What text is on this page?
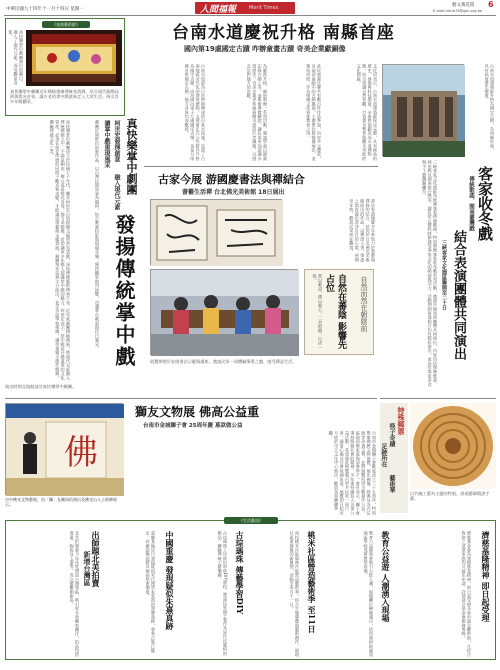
中華民國九十四年十一月十四日 星期一	人間福報	Merit Times	藝文萬花筒 6
E-mail:mtnb74@gsn.org.tw
《表演藝術群》
真快樂掌中劇團演出的劇目，融入了現代元素，深受觀眾喜愛。
真快樂掌中劇團近年積極推廣傳統布袋戲，結合現代劇場技術與燈光音效，讓古老的掌中戲重新走入大眾生活，吸引許多年輕觀眾。
真快樂掌中劇團成立於民國七十年代，團長柯世宏自幼跟隨父親學習布袋戲，深知傳統藝術傳承不易。近年來劇團積極創新，將現代元素融入傳統戲碼之中，不論是劇本、舞台或是燈光音效，都力求精緻，希望讓更多年輕人認識掌中戲的魅力。柯世宏表示，掌中戲是台灣重要的文化資產，必須在保存傳統的同時不斷求新求變，才能讓這項藝術永續發展。劇團每年巡迴全台演出，並至各級學校推廣，讓學童親手操作戲偶，體驗傳統文化之美。	劇團近期推出的新作品，以台灣民間故事為題材，結合動畫投影與現場音樂，獲得觀眾熱烈回響，也讓掌中戲重現往日風采。 真快樂掌中劇團
柯世宏發揮創意
融入現代元素
讓掌中戲重現風采
發揚傳統掌中戲
台南水道慶祝升格 南縣首座
國內第19處國定古蹟 咋辦童畫古蹟 奇美企業獻銅像
台南水道原為日治時期興建的自來水設施，見證了台南地區近代化的發展歷程。文建會正式公告將其升格為國定古蹟，成為國內第十九處國定古蹟，也是台南縣首座國定古蹟，地方各界均表歡欣。	為慶祝升格，縣府舉辦一系列活動，邀請學童以繪畫記錄古蹟之美，並舉辦導覽解說，讓民眾更加認識水道歷史。奇美企業更特地捐贈水道設計者銅像，以感念其對地方的貢獻。	此次童畫比賽共有數百件作品參加，內容多元豐富，呈現孩童眼中的古蹟風貌，主辦單位將擇優展出，並集結成冊，作為推廣文化資產教育之用。	文化局表示，台南水道建築群保存完整，具有極高的歷史、建築與科技價值，未來將規劃成為水道博物館，結合周邊自然景觀，打造兼具教育與觀光功能的文化園區。	台南水道建築群升格為國定古蹟，為南縣首座，具有高度歷史價值。
古家今展 游國慶書法與禪結合
書藝生活禪 台北佛光美術館 18日展出
書法家游國慶多年來致力於書藝與禪修的結合，此次於台北佛光美術館展出的作品，以禪語入書，筆墨之間流露出清淨自在的心境，展期至年底，歡迎民眾前往觀賞。
自然而然在朝陰前
自然在蕃陰 影響先占位
書以載道，禪以養心，二者相融，自成一格。
展覽期間另安排書法示範與講座，邀請民眾一同體驗筆墨之趣，感受禪意生活。	三峽客家文化園區為推廣客家傳統戲曲，特別舉辦客家收冬戲系列活動，邀請多個表演團體共同演出，內容包括傳統歌謠、採茶戲及閩南歌仔戲等，讓民眾在豐收時節感受客家文化的熱情與活力。活動期間每逢假日均有精彩演出，並設有客家美食與手工藝體驗攤位。	客家收冬戲
傳統歌謠、閩南臺灣戲
結合表演團體共同演出
三峽客家文化園區聯開至二十日
演出時間及地點請洽真快樂掌中劇團。
佛
台中佛光文物藝展，由「獅」友陳添佑演出及佛光山人士助陣展示。
獅友文物展 佛高公益重
台南市金城獅子會 25周年慶 募款做公益
台南市金城獅子會歡度成立二十五周年，特別舉辦佛教文物展覽，展出佛像、經典及各式法器等珍貴文物，並將展覽所得全數捐作公益，協助弱勢家庭與清寒學子。會長表示，獅子會秉持服務社會的精神，多年來持續投入各項公益活動，希望藉此展覽號召更多民眾一同行善，讓愛心遍及社會每個角落。展覽即日起至月底於市立文化中心展出，歡迎各界踴躍參觀。
特殊郵票
筷子奇蹟
足跡所在
藝術華
以竹編工藝為主題的特展，展現藝師精湛手藝。
《生活藝訊》
北美拍賣會今年首度增設台灣專區，吸引眾多收藏家關注，拍品包括書畫、陶瓷及玉器等，成交價屢創新高。	出師題北美拍賣
新增台灣區	重慶某地近日發現疑似宋代理學家朱熹的墨寶真跡，專家正進行鑑定，若確認無誤將具極高學術價值。	中國重慶 發現疑似朱熹真跡	古琮瑪珠工坊推出串珠DIY課程，邀請民眾親手製作具原住民風格的飾品，體驗傳統工藝樂趣。	古琮瑪珠 傳藝學習DIY	南投桃米社區舉辦社區營造藝術季，結合生態導覽與藝術創作，展現社區重建後的新風貌，活動至本月十一日。	桃米社區營造藝術季 至11日	教育公益園遊會吸引大批人潮，現場攤位琳瑯滿目，所得將捐助偏遠地區學校充實教學設備。	教育公益遊 人潮湧入現場	濟慈基金會為發揚慈悲精神，即日起受理各界申請急難救助，凡符合資格之清寒家庭均可提出申請，詳情請洽基金會服務專線。	濟慈基隆精神 即日起受理
